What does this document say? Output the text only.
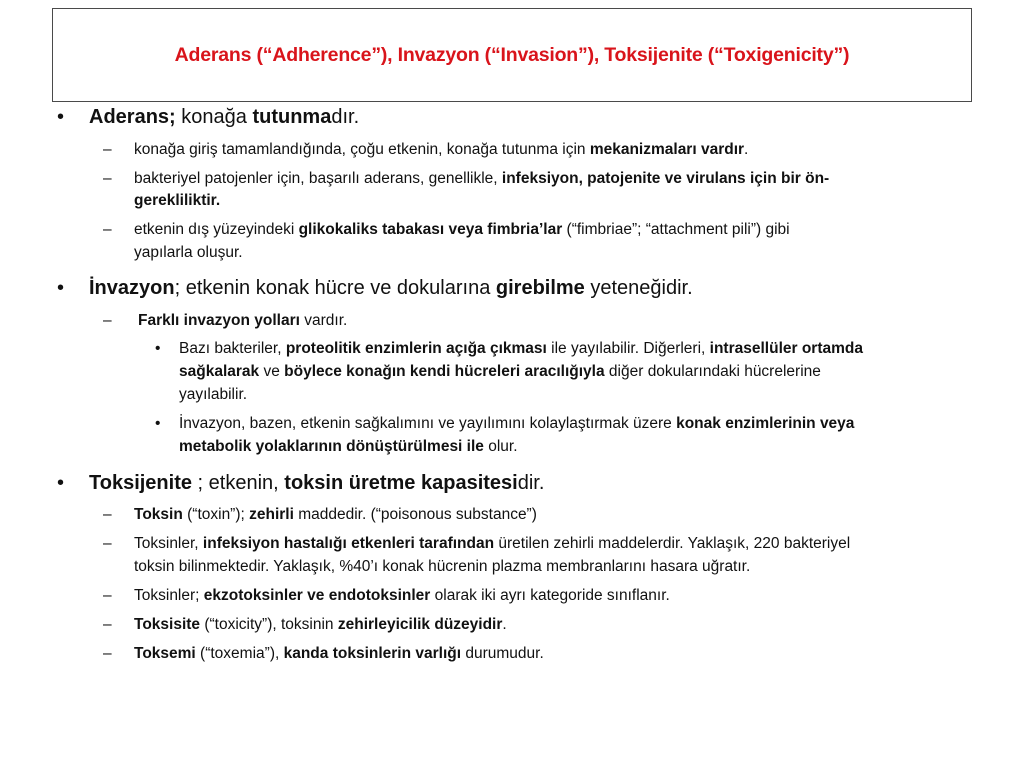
Aderans (“Adherence”), Invazyon (“Invasion”), Toksijenite (“Toxigenicity”)
• Aderans; konağa tutunmadır.
– konağa giriş tamamlandığında, çoğu etkenin, konağa tutunma için mekanizmaları vardır.
– bakteriyel patojenler için, başarılı aderans, genellikle, infeksiyon, patojenite ve virulans için bir ön-
gerekliliktir.
– etkenin dış yüzeyindeki glikokaliks tabakası veya fimbria’lar (“fimbriae”; “attachment pili”) gibi
yapılarla oluşur.
• İnvazyon; etkenin konak hücre ve dokularına girebilme yeteneğidir.
– Farklı invazyon yolları vardır.
• Bazı bakteriler, proteolitik enzimlerin açığa çıkması ile yayılabilir. Diğerleri, intrasellüler ortamda
sağkalarak ve böylece konağın kendi hücreleri aracılığıyla diğer dokularındaki hücrelerine
yayılabilir.
• İnvazyon, bazen, etkenin sağkalımını ve yayılımını kolaylaştırmak üzere konak enzimlerinin veya
metabolik yolaklarının dönüştürülmesi ile olur.
• Toksijenite ; etkenin, toksin üretme kapasitesidir.
– Toksin (“toxin”); zehirli maddedir. (“poisonous substance”)
– Toksinler, infeksiyon hastalığı etkenleri tarafından üretilen zehirli maddelerdir. Yaklaşık, 220 bakteriyel
toksin bilinmektedir. Yaklaşık, %40’ı konak hücrenin plazma membranlarını hasara uğratır.
– Toksinler; ekzotoksinler ve endotoksinler olarak iki ayrı kategoride sınıflanır.
– Toksisite (“toxicity”), toksinin zehirleyicilik düzeyidir.
– Toksemi (“toxemia”), kanda toksinlerin varlığı durumudur.
